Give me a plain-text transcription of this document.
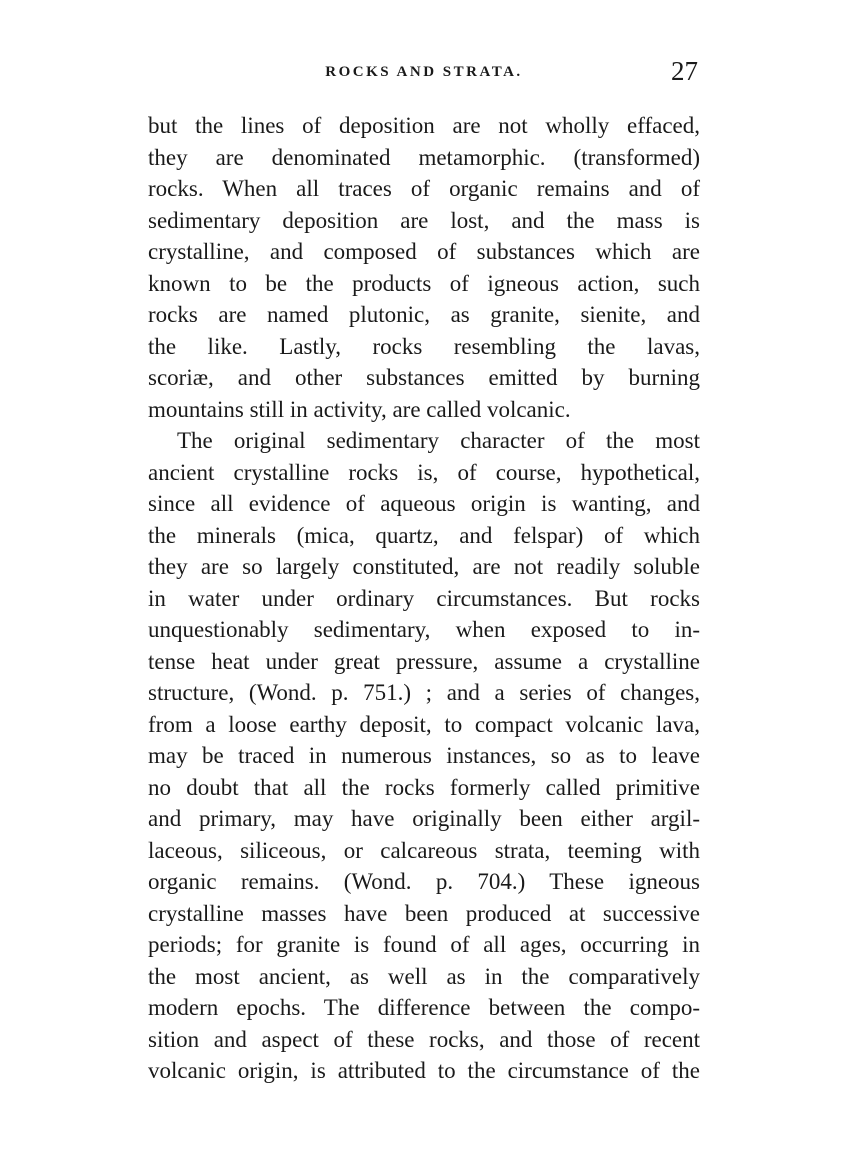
ROCKS AND STRATA.	27
but the lines of deposition are not wholly effaced,
they are denominated metamorphic. (transformed)
rocks. When all traces of organic remains and of
sedimentary deposition are lost, and the mass is
crystalline, and composed of substances which are
known to be the products of igneous action, such
rocks are named plutonic, as granite, sienite, and
the like. Lastly, rocks resembling the lavas,
scoriæ, and other substances emitted by burning
mountains still in activity, are called volcanic.
The original sedimentary character of the most
ancient crystalline rocks is, of course, hypothetical,
since all evidence of aqueous origin is wanting, and
the minerals (mica, quartz, and felspar) of which
they are so largely constituted, are not readily soluble
in water under ordinary circumstances. But rocks
unquestionably sedimentary, when exposed to in-
tense heat under great pressure, assume a crystalline
structure, (Wond. p. 751.) ; and a series of changes,
from a loose earthy deposit, to compact volcanic lava,
may be traced in numerous instances, so as to leave
no doubt that all the rocks formerly called primitive
and primary, may have originally been either argil-
laceous, siliceous, or calcareous strata, teeming with
organic remains. (Wond. p. 704.) These igneous
crystalline masses have been produced at successive
periods; for granite is found of all ages, occurring in
the most ancient, as well as in the comparatively
modern epochs. The difference between the compo-
sition and aspect of these rocks, and those of recent
volcanic origin, is attributed to the circumstance of the
